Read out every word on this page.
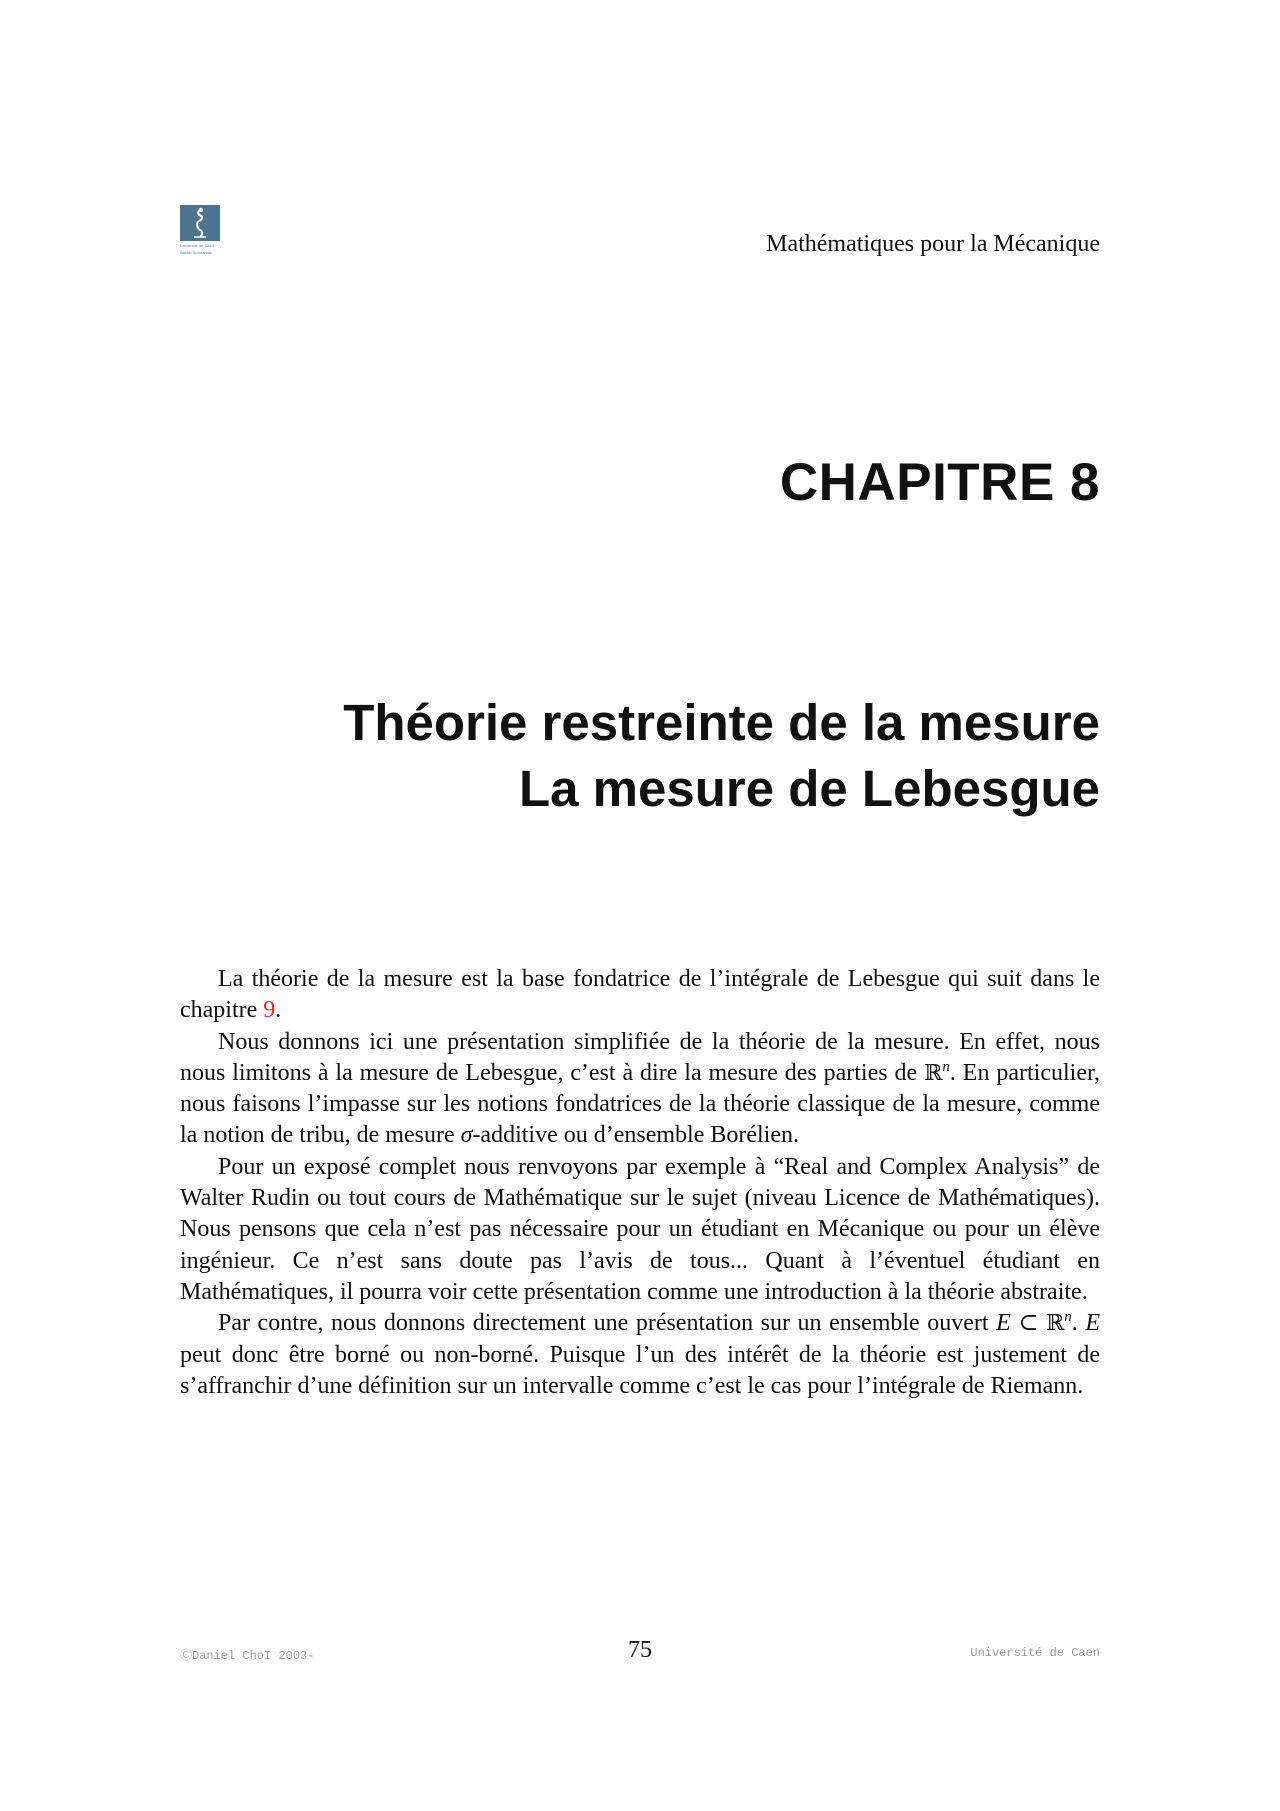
Université de Caen
Basse-Normandie	Mathématiques pour la Mécanique
CHAPITRE 8
Théorie restreinte de la mesure
La mesure de Lebesgue

La théorie de la mesure est la base fondatrice de l’intégrale de Lebesgue qui suit dans le chapitre 9.

Nous donnons ici une présentation simplifiée de la théorie de la mesure. En effet, nous nous limitons à la mesure de Lebesgue, c’est à dire la mesure des parties de ℝ$^n$. En particulier, nous faisons l’impasse sur les notions fondatrices de la théorie classique de la mesure, comme la notion de tribu, de mesure σ-additive ou d’ensemble Borélien.

Pour un exposé complet nous renvoyons par exemple à “Real and Complex Analysis” de Walter Rudin ou tout cours de Mathématique sur le sujet (niveau Licence de Mathématiques). Nous pensons que cela n’est pas nécessaire pour un étudiant en Mécanique ou pour un élève ingénieur. Ce n’est sans doute pas l’avis de tous... Quant à l’éventuel étudiant en Mathématiques, il pourra voir cette présentation comme une introduction à la théorie abstraite.

Par contre, nous donnons directement une présentation sur un ensemble ouvert E ⊂ ℝ$^n$. E peut donc être borné ou non-borné. Puisque l’un des intérêt de la théorie est justement de s’affranchir d’une définition sur un intervalle comme c’est le cas pour l’intégrale de Riemann.

ⒸDaniel ChoI 2003-	75	Université de Caen
